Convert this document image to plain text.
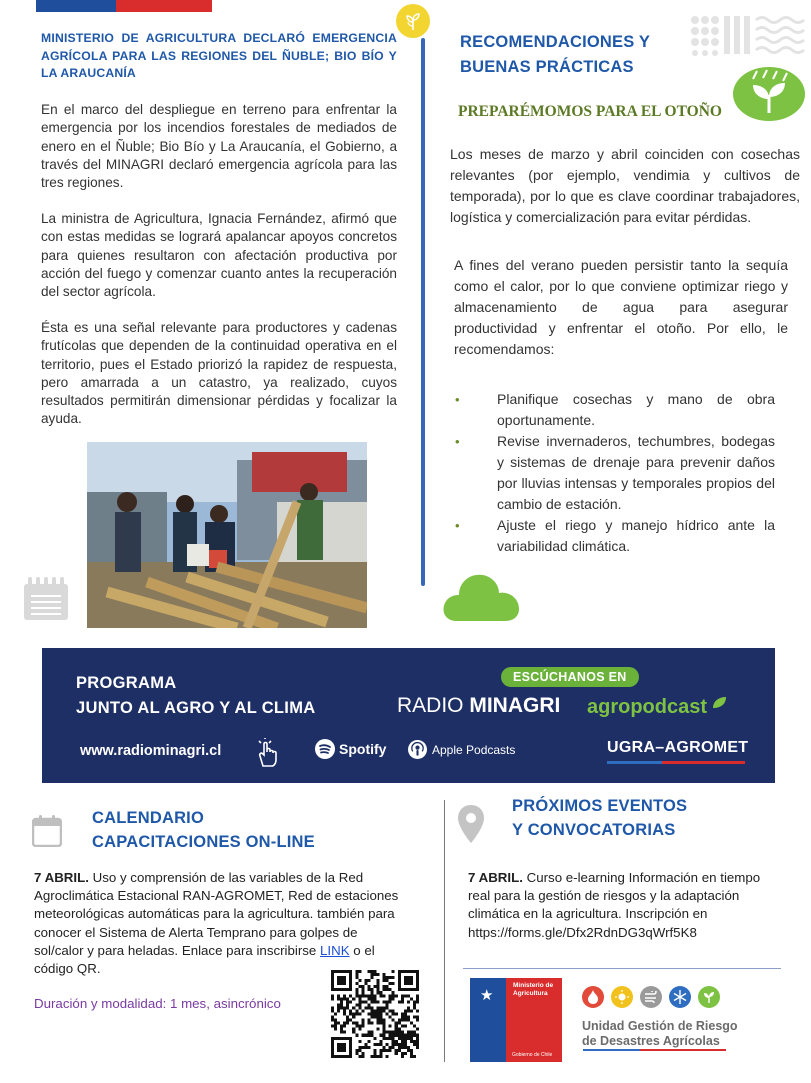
MINISTERIO DE AGRICULTURA DECLARÓ EMERGENCIA AGRÍCOLA PARA LAS REGIONES DEL ÑUBLE; BIO BÍO Y LA ARAUCANÍA
En el marco del despliegue en terreno para enfrentar la emergencia por los incendios forestales de mediados de enero en el Ñuble; Bio Bío y La Araucanía, el Gobierno, a través del MINAGRI declaró emergencia agrícola para las tres regiones.
La ministra de Agricultura, Ignacia Fernández, afirmó que con estas medidas se logrará apalancar apoyos concretos para quienes resultaron con afectación productiva por acción del fuego y comenzar cuanto antes la recuperación del sector agrícola.
Ésta es una señal relevante para productores y cadenas frutícolas que dependen de la continuidad operativa en el territorio, pues el Estado priorizó la rapidez de respuesta, pero amarrada a un catastro, ya realizado, cuyos resultados permitirán dimensionar pérdidas y focalizar la ayuda.
RECOMENDACIONES Y
BUENAS PRÁCTICAS
PREPARÉMOMOS PARA EL OTOÑO
Los meses de marzo y abril coinciden con cosechas relevantes (por ejemplo, vendimia y cultivos de temporada), por lo que es clave coordinar trabajadores, logística y comercialización para evitar pérdidas.
A fines del verano pueden persistir tanto la sequía como el calor, por lo que conviene optimizar riego y almacenamiento de agua para asegurar productividad y enfrentar el otoño. Por ello, le recomendamos:
•	Planifique cosechas y mano de obra oportunamente.
•	Revise invernaderos, techumbres, bodegas y sistemas de drenaje para prevenir daños por lluvias intensas y temporales propios del cambio de estación.
•	Ajuste el riego y manejo hídrico ante la variabilidad climática.
PROGRAMA
JUNTO AL AGRO Y AL CLIMA
ESCÚCHANOS EN
RADIO MINAGRI agropodcast
www.radiominagri.cl	Spotify	Apple Podcasts	UGRA–AGROMET
CALENDARIO
CAPACITACIONES ON-LINE
7 ABRIL. Uso y comprensión de las variables de la Red Agroclimática Estacional RAN-AGROMET, Red de estaciones meteorológicas automáticas para la agricultura. también para conocer el Sistema de Alerta Temprano para golpes de sol/calor y para heladas. Enlace para inscribirse LINK o el código QR.
Duración y modalidad: 1 mes, asincrónico
PRÓXIMOS EVENTOS
Y CONVOCATORIAS
7 ABRIL. Curso e-learning Información en tiempo real para la gestión de riesgos y la adaptación climática en la agricultura. Inscripción en https://forms.gle/Dfx2RdnDG3qWrf5K8
★
Ministerio de Agricultura
Gobierno de Chile
Unidad Gestión de Riesgo
de Desastres Agrícolas
